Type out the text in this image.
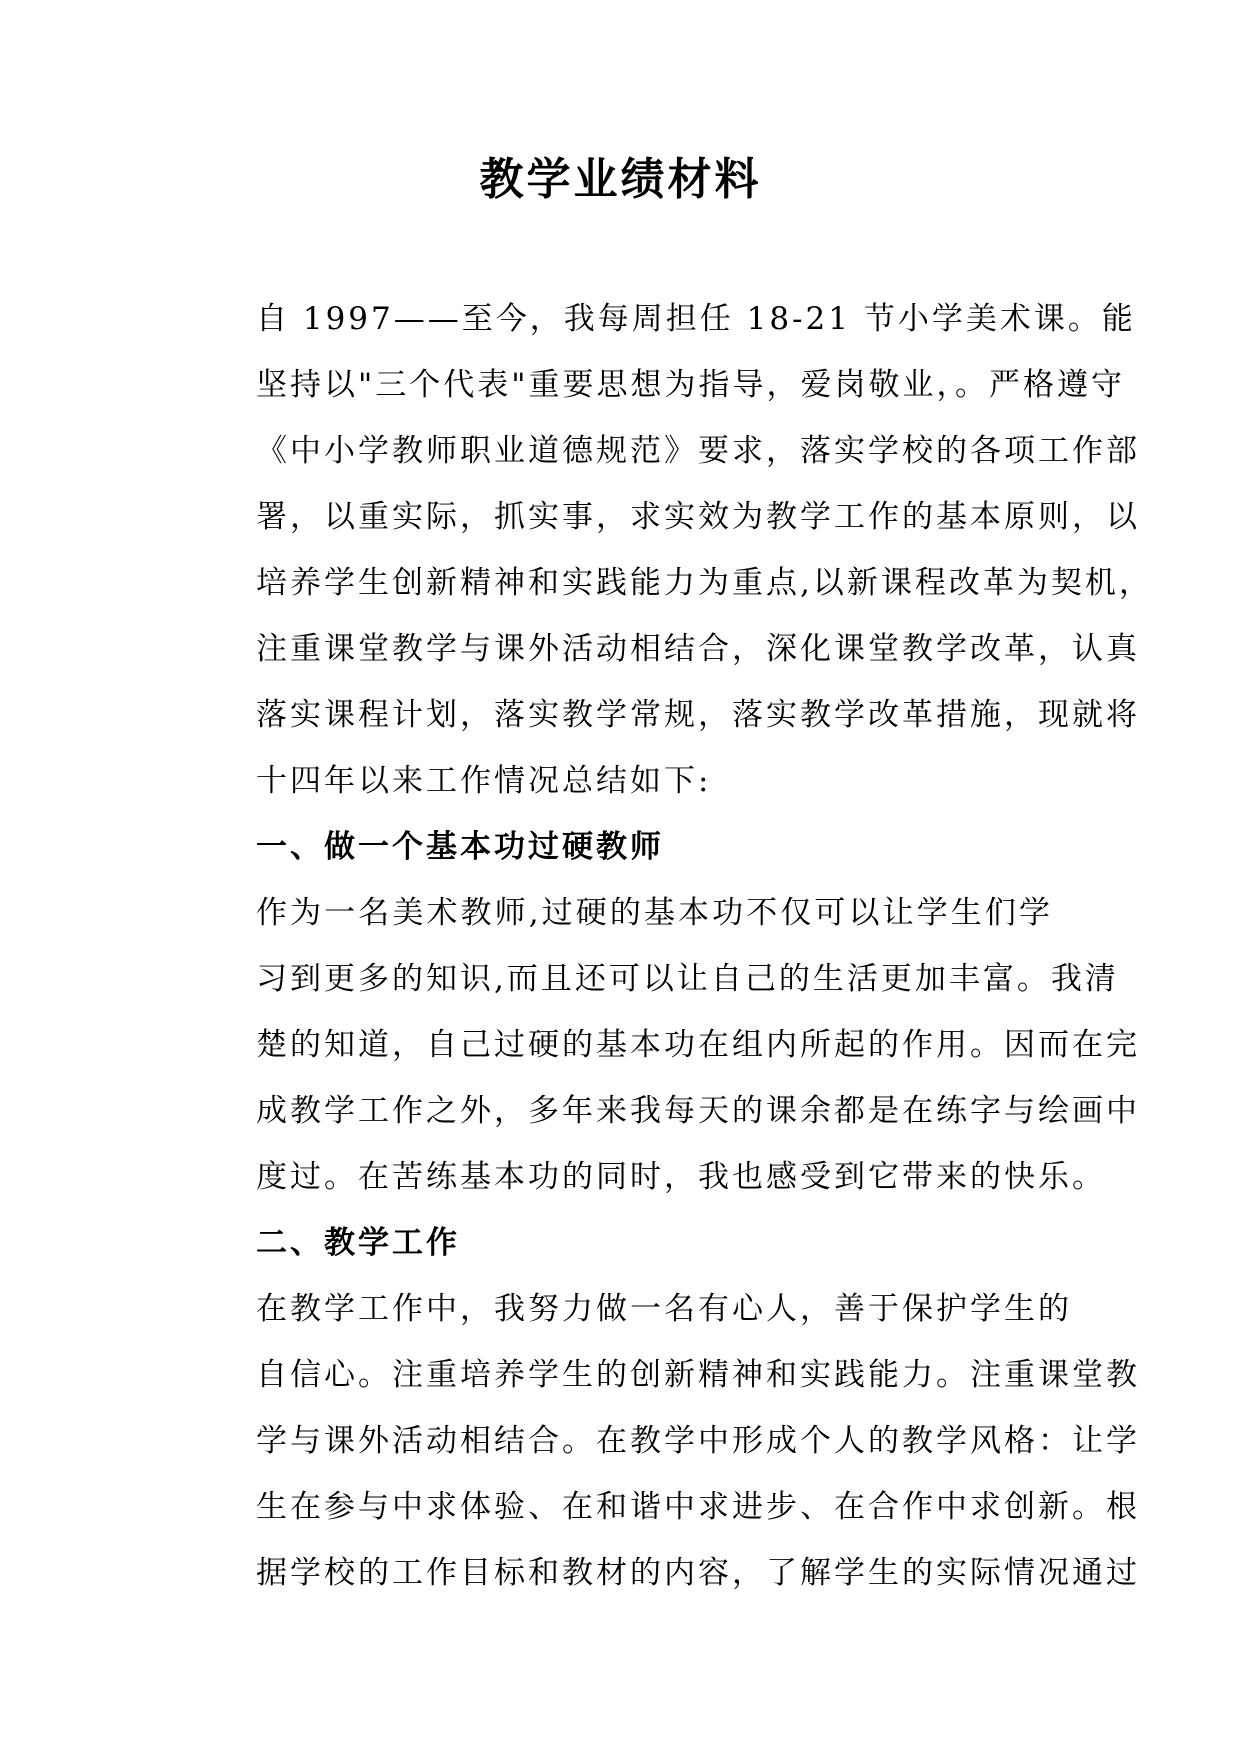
教学业绩材料
自 1997——至今，我每周担任 18-21 节小学美术课。能
坚持以"三个代表"重要思想为指导，爱岗敬业，。严格遵守
《中小学教师职业道德规范》要求，落实学校的各项工作部
署，以重实际，抓实事，求实效为教学工作的基本原则，以
培养学生创新精神和实践能力为重点,以新课程改革为契机，
注重课堂教学与课外活动相结合，深化课堂教学改革，认真
落实课程计划，落实教学常规，落实教学改革措施，现就将
十四年以来工作情况总结如下:
一、做一个基本功过硬教师
作为一名美术教师,过硬的基本功不仅可以让学生们学
习到更多的知识,而且还可以让自己的生活更加丰富。我清
楚的知道，自己过硬的基本功在组内所起的作用。因而在完
成教学工作之外，多年来我每天的课余都是在练字与绘画中
度过。在苦练基本功的同时，我也感受到它带来的快乐。
二、教学工作
在教学工作中，我努力做一名有心人，善于保护学生的
自信心。注重培养学生的创新精神和实践能力。注重课堂教
学与课外活动相结合。在教学中形成个人的教学风格：让学
生在参与中求体验、在和谐中求进步、在合作中求创新。根
据学校的工作目标和教材的内容，了解学生的实际情况通过
